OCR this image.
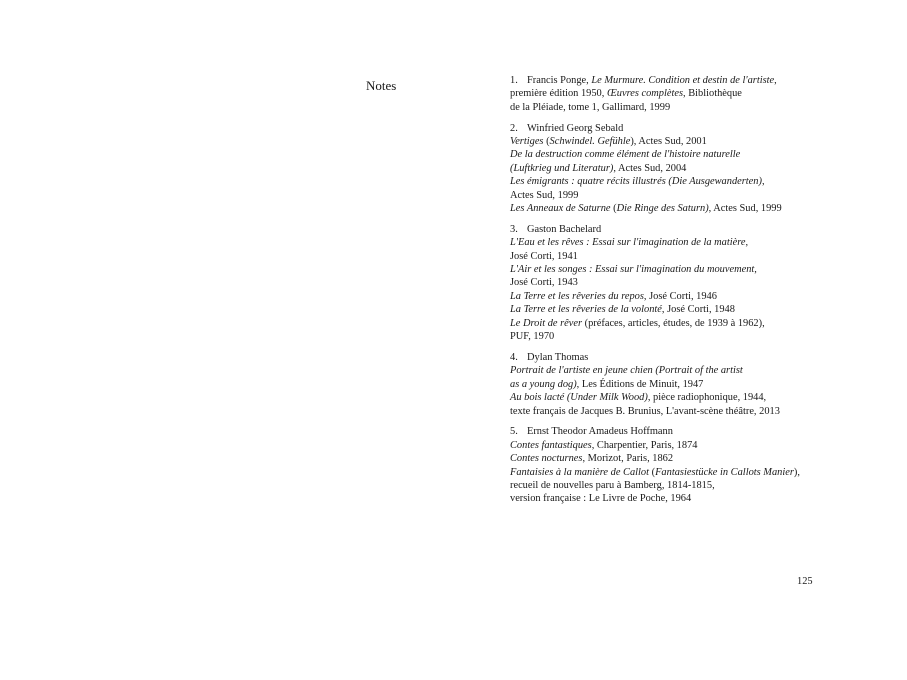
Notes	1. Francis Ponge, Le Murmure. Condition et destin de l'artiste,
première édition 1950, Œuvres complètes, Bibliothèque
de la Pléiade, tome 1, Gallimard, 1999
2. Winfried Georg Sebald
Vertiges (Schwindel. Gefühle), Actes Sud, 2001
De la destruction comme élément de l'histoire naturelle
(Luftkrieg und Literatur), Actes Sud, 2004
Les émigrants : quatre récits illustrés (Die Ausgewanderten),
Actes Sud, 1999
Les Anneaux de Saturne (Die Ringe des Saturn), Actes Sud, 1999
3. Gaston Bachelard
L'Eau et les rêves : Essai sur l'imagination de la matière,
José Corti, 1941
L'Air et les songes : Essai sur l'imagination du mouvement,
José Corti, 1943
La Terre et les rêveries du repos, José Corti, 1946
La Terre et les rêveries de la volonté, José Corti, 1948
Le Droit de rêver (préfaces, articles, études, de 1939 à 1962),
PUF, 1970
4. Dylan Thomas
Portrait de l'artiste en jeune chien (Portrait of the artist
as a young dog), Les Éditions de Minuit, 1947
Au bois lacté (Under Milk Wood), pièce radiophonique, 1944,
texte français de Jacques B. Brunius, L'avant-scène théâtre, 2013
5. Ernst Theodor Amadeus Hoffmann
Contes fantastiques, Charpentier, Paris, 1874
Contes nocturnes, Morizot, Paris, 1862
Fantaisies à la manière de Callot (Fantasiestücke in Callots Manier),
recueil de nouvelles paru à Bamberg, 1814-1815,
version française : Le Livre de Poche, 1964
125
